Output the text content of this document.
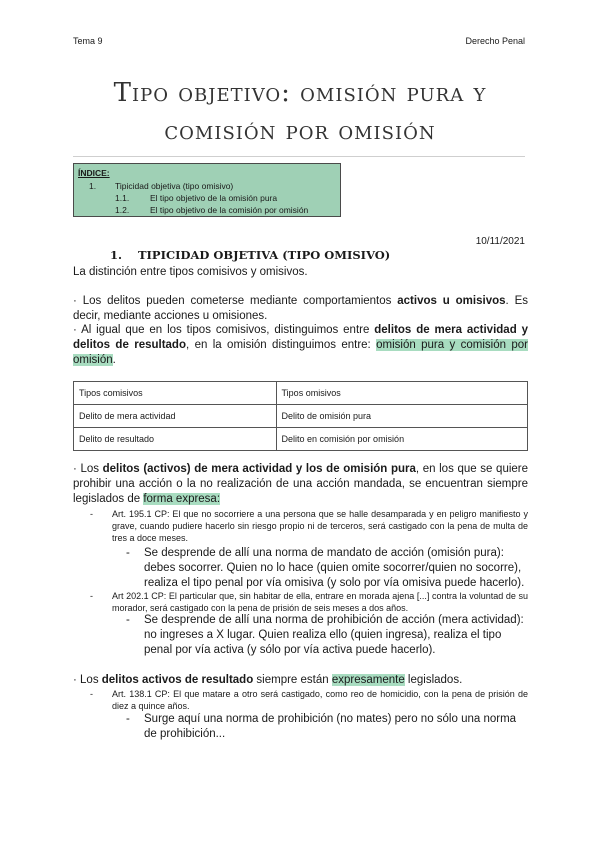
Tema 9	Derecho Penal
Tipo objetivo: omisión pura y
comisión por omisión
ÍNDICE:
1. Tipicidad objetiva (tipo omisivo)
1.1. El tipo objetivo de la omisión pura
1.2. El tipo objetivo de la comisión por omisión
10/11/2021
1. TIPICIDAD OBJETIVA (TIPO OMISIVO)
La distinción entre tipos comisivos y omisivos.
· Los delitos pueden cometerse mediante comportamientos activos u omisivos. Es decir, mediante acciones u omisiones.
· Al igual que en los tipos comisivos, distinguimos entre delitos de mera actividad y delitos de resultado, en la omisión distinguimos entre: omisión pura y comisión por omisión.
Tipos comisivos	Tipos omisivos
Delito de mera actividad	Delito de omisión pura
Delito de resultado	Delito en comisión por omisión
· Los delitos (activos) de mera actividad y los de omisión pura, en los que se quiere prohibir una acción o la no realización de una acción mandada, se encuentran siempre legislados de forma expresa:
- Art. 195.1 CP: El que no socorriere a una persona que se halle desamparada y en peligro manifiesto y grave, cuando pudiere hacerlo sin riesgo propio ni de terceros, será castigado con la pena de multa de tres a doce meses.
- Se desprende de allí una norma de mandato de acción (omisión pura): debes socorrer. Quien no lo hace (quien omite socorrer/quien no socorre), realiza el tipo penal por vía omisiva (y solo por vía omisiva puede hacerlo).
- Art 202.1 CP: El particular que, sin habitar de ella, entrare en morada ajena [...] contra la voluntad de su morador, será castigado con la pena de prisión de seis meses a dos años.
- Se desprende de allí una norma de prohibición de acción (mera actividad): no ingreses a X lugar. Quien realiza ello (quien ingresa), realiza el tipo penal por vía activa (y sólo por vía activa puede hacerlo).
· Los delitos activos de resultado siempre están expresamente legislados.
- Art. 138.1 CP: El que matare a otro será castigado, como reo de homicidio, con la pena de prisión de diez a quince años.
- Surge aquí una norma de prohibición (no mates) pero no sólo una norma de prohibición...
